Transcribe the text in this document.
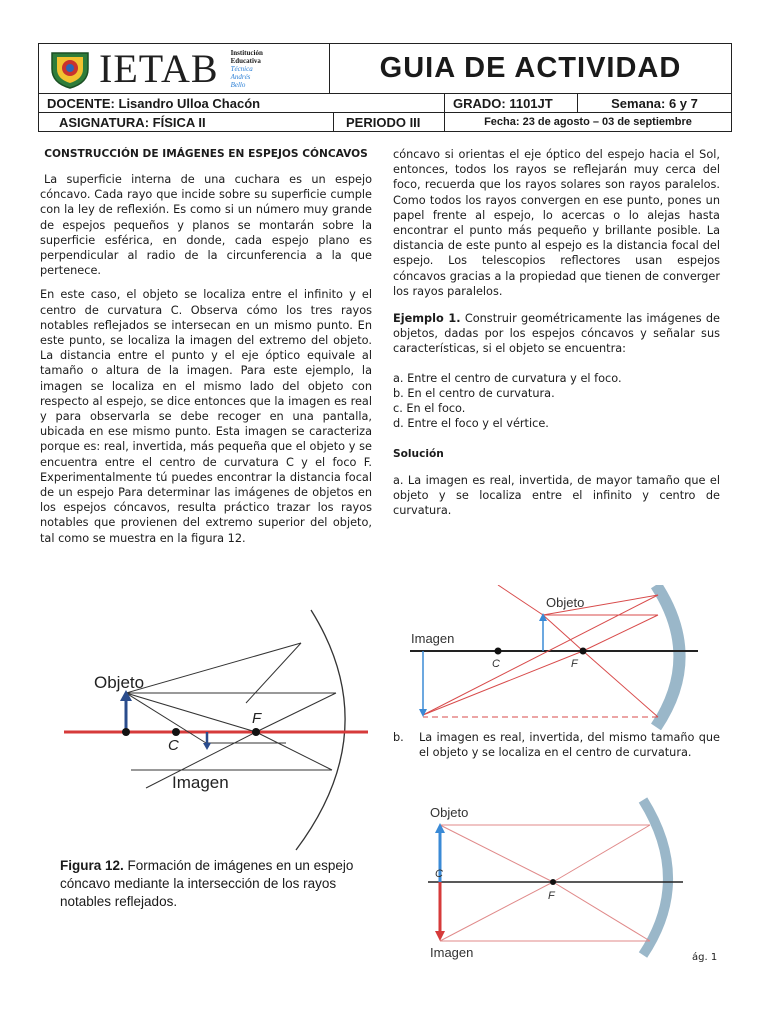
IETAB Institución
Educativa
Técnica
Andrés
Bello
GUIA DE ACTIVIDAD
DOCENTE: Lisandro Ulloa Chacón	GRADO: 1101JT	Semana: 6 y 7
ASIGNATURA: FÍSICA II	PERIODO III	Fecha: 23 de agosto – 03 de septiembre
CONSTRUCCIÓN DE IMÁGENES EN ESPEJOS CÓNCAVOS

La superficie interna de una cuchara es un espejo cóncavo. Cada rayo que incide sobre su superficie cumple con la ley de reflexión. Es como si un número muy grande de espejos pequeños y planos se montarán sobre la superficie esférica, en donde, cada espejo plano es perpendicular al radio de la circunferencia a la que pertenece.

En este caso, el objeto se localiza entre el infinito y el centro de curvatura C. Observa cómo los tres rayos notables reflejados se intersecan en un mismo punto. En este punto, se localiza la imagen del extremo del objeto. La distancia entre el punto y el eje óptico equivale al tamaño o altura de la imagen. Para este ejemplo, la imagen se localiza en el mismo lado del objeto con respecto al espejo, se dice entonces que la imagen es real y para observarla se debe recoger en una pantalla, ubicada en ese mismo punto. Esta imagen se caracteriza porque es: real, invertida, más pequeña que el objeto y se encuentra entre el centro de curvatura C y el foco F. Experimentalmente tú puedes encontrar la distancia focal de un espejo Para determinar las imágenes de objetos en los espejos cóncavos, resulta práctico trazar los rayos notables que provienen del extremo superior del objeto, tal como se muestra en la figura 12.

Objeto
C
F
Imagen
Figura 12. Formación de imágenes en un espejo cóncavo mediante la intersección de los rayos notables reflejados.

cóncavo si orientas el eje óptico del espejo hacia el Sol, entonces, todos los rayos se reflejarán muy cerca del foco, recuerda que los rayos solares son rayos paralelos. Como todos los rayos convergen en ese punto, pones un papel frente al espejo, lo acercas o lo alejas hasta encontrar el punto más pequeño y brillante posible. La distancia de este punto al espejo es la distancia focal del espejo. Los telescopios reflectores usan espejos cóncavos gracias a la propiedad que tienen de converger los rayos paralelos.

Ejemplo 1. Construir geométricamente las imágenes de objetos, dadas por los espejos cóncavos y señalar sus características, si el objeto se encuentra:

a. Entre el centro de curvatura y el foco.
b. En el centro de curvatura.
c. En el foco.
d. Entre el foco y el vértice.
Solución

a. La imagen es real, invertida, de mayor tamaño que el objeto y se localiza entre el infinito y centro de curvatura.

Objeto
Imagen
C	F
b.	La imagen es real, invertida, del mismo tamaño que el objeto y se localiza en el centro de curvatura.
Objeto
Imagen
C
F
ág. 1
